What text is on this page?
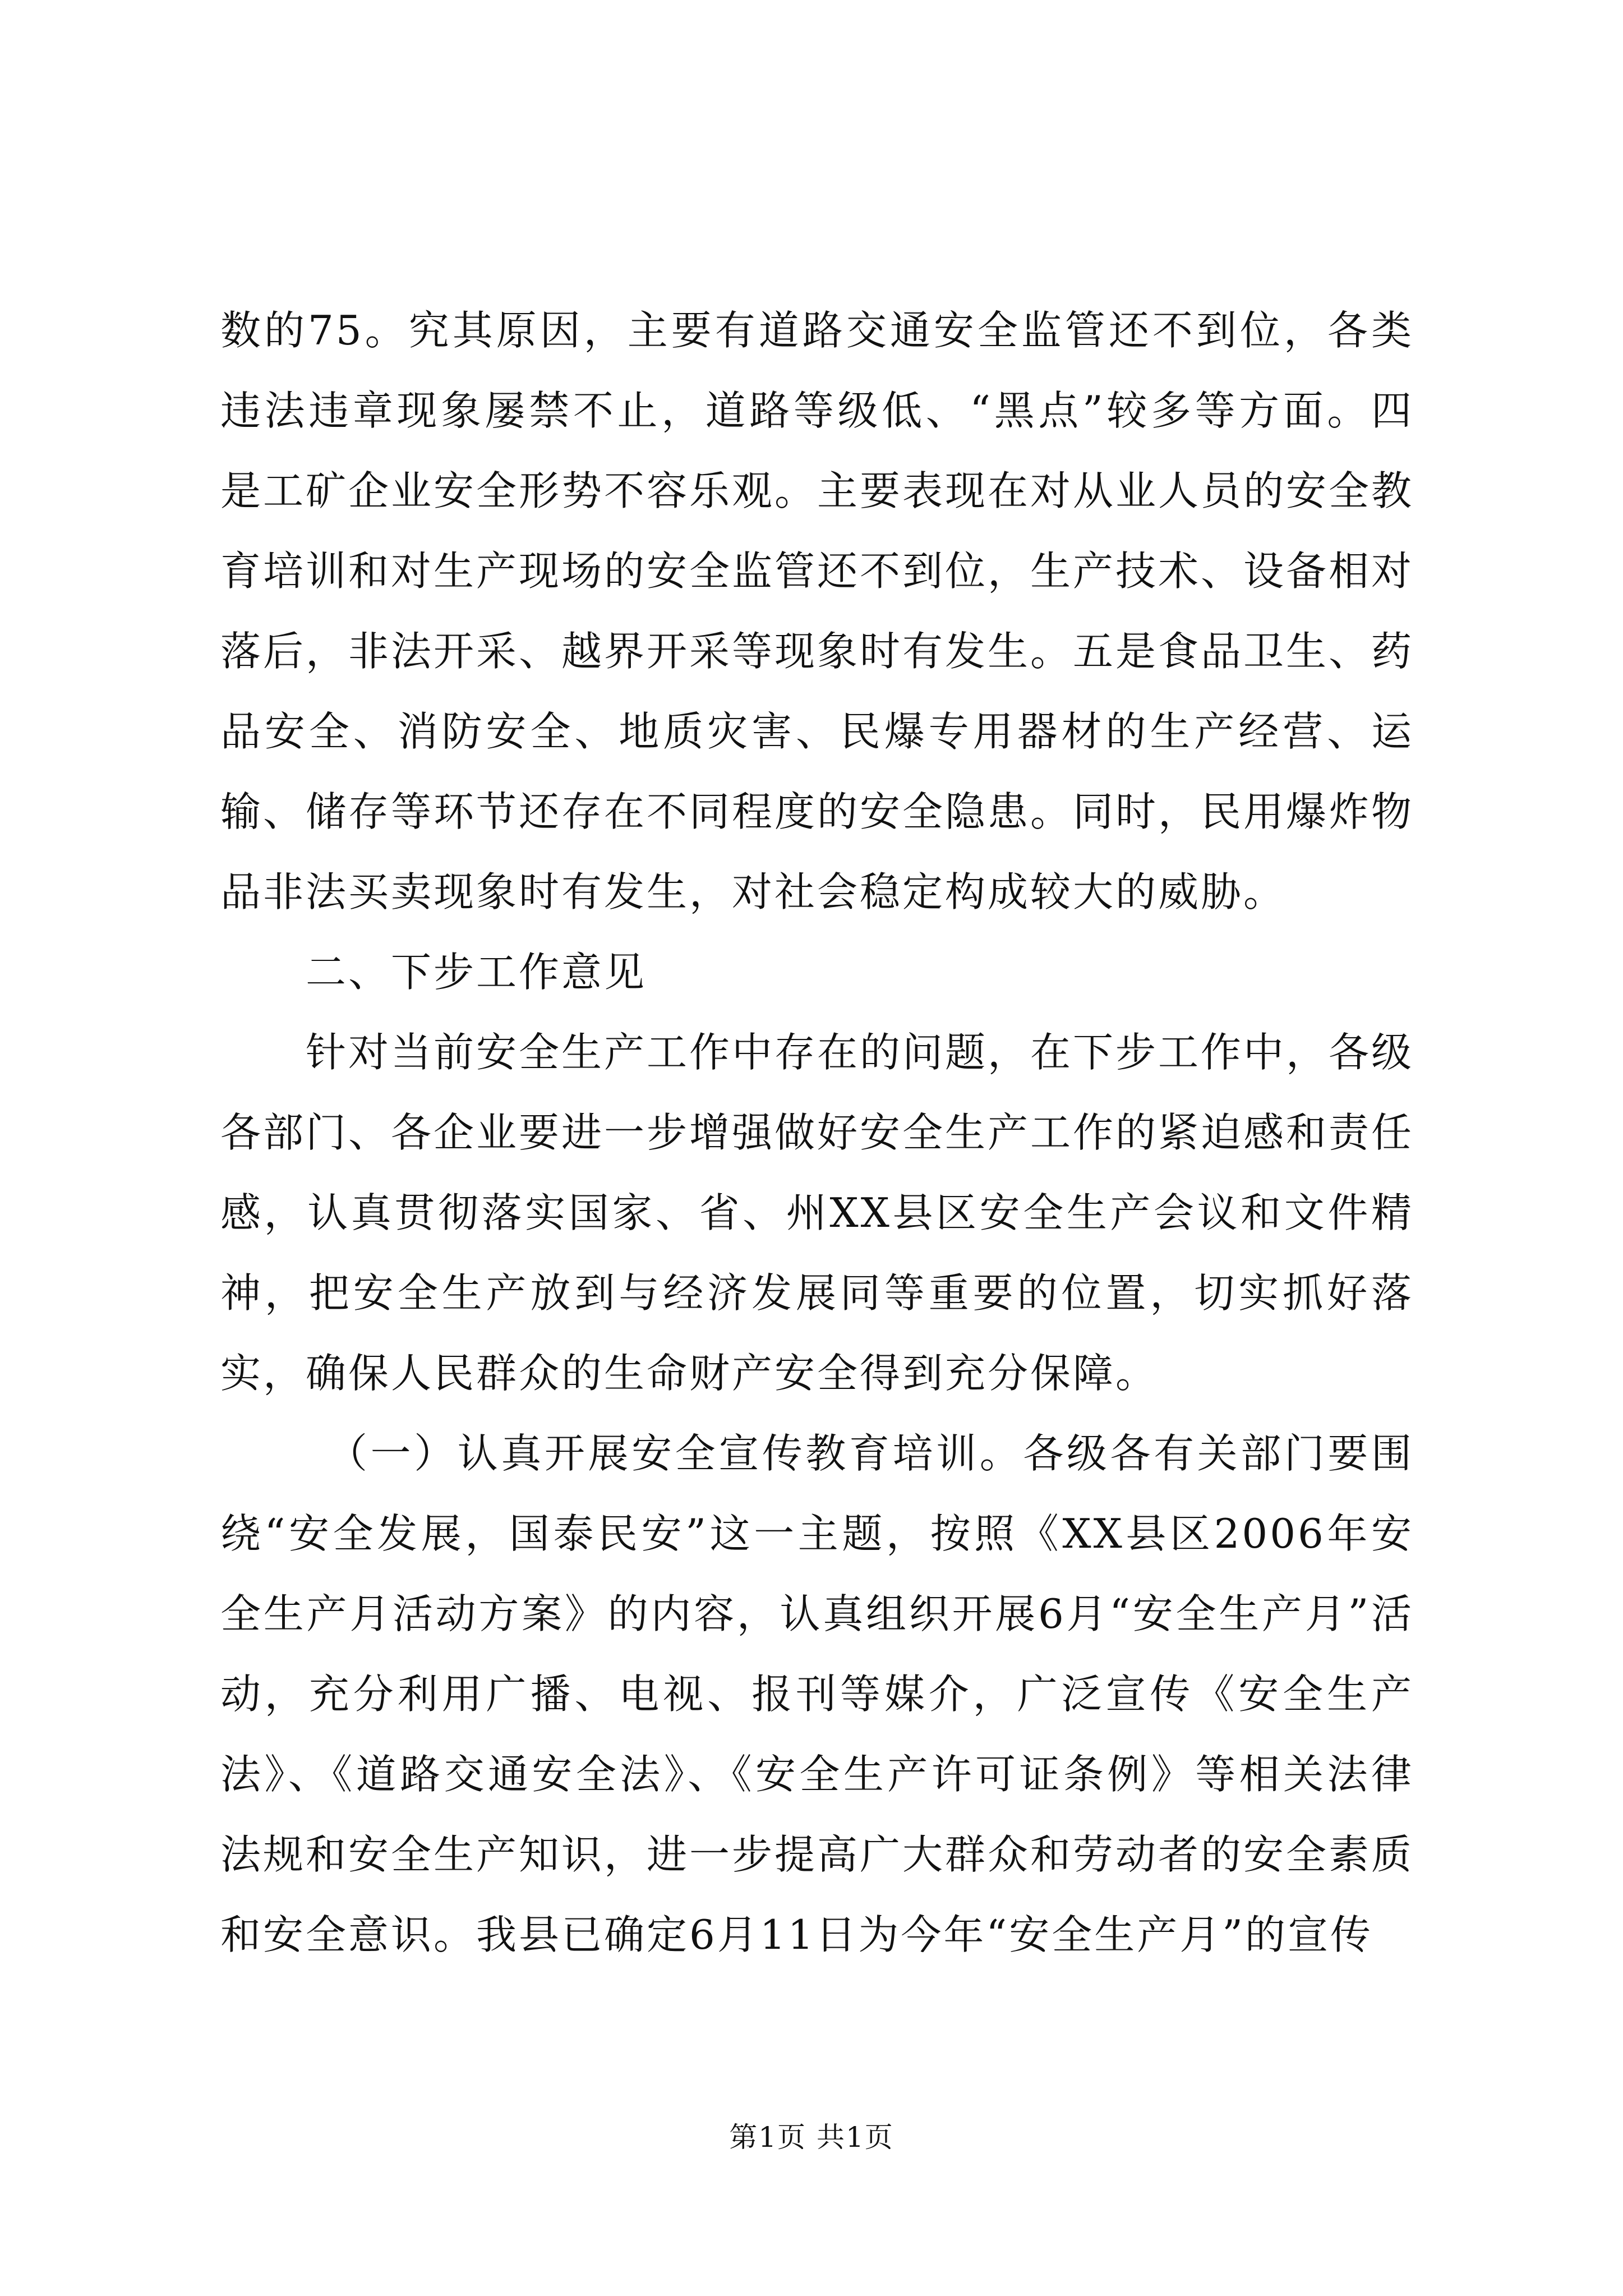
数的75。究其原因，主要有道路交通安全监管还不到位，各类违法违章现象屡禁不止，道路等级低、“黑点”较多等方面。四是工矿企业安全形势不容乐观。主要表现在对从业人员的安全教育培训和对生产现场的安全监管还不到位，生产技术、设备相对落后，非法开采、越界开采等现象时有发生。五是食品卫生、药品安全、消防安全、地质灾害、民爆专用器材的生产经营、运输、储存等环节还存在不同程度的安全隐患。同时，民用爆炸物品非法买卖现象时有发生，对社会稳定构成较大的威胁。

二、下步工作意见

针对当前安全生产工作中存在的问题，在下步工作中，各级各部门、各企业要进一步增强做好安全生产工作的紧迫感和责任感，认真贯彻落实国家、省、州XX县区安全生产会议和文件精神，把安全生产放到与经济发展同等重要的位置，切实抓好落实，确保人民群众的生命财产安全得到充分保障。

（一）认真开展安全宣传教育培训。各级各有关部门要围绕“安全发展，国泰民安”这一主题，按照《XX县区2006年安全生产月活动方案》的内容，认真组织开展6月“安全生产月”活动，充分利用广播、电视、报刊等媒介，广泛宣传《安全生产法》、《道路交通安全法》、《安全生产许可证条例》等相关法律法规和安全生产知识，进一步提高广大群众和劳动者的安全素质和安全意识。我县已确定6月11日为今年“安全生产月”的宣传

第1页 共1页
